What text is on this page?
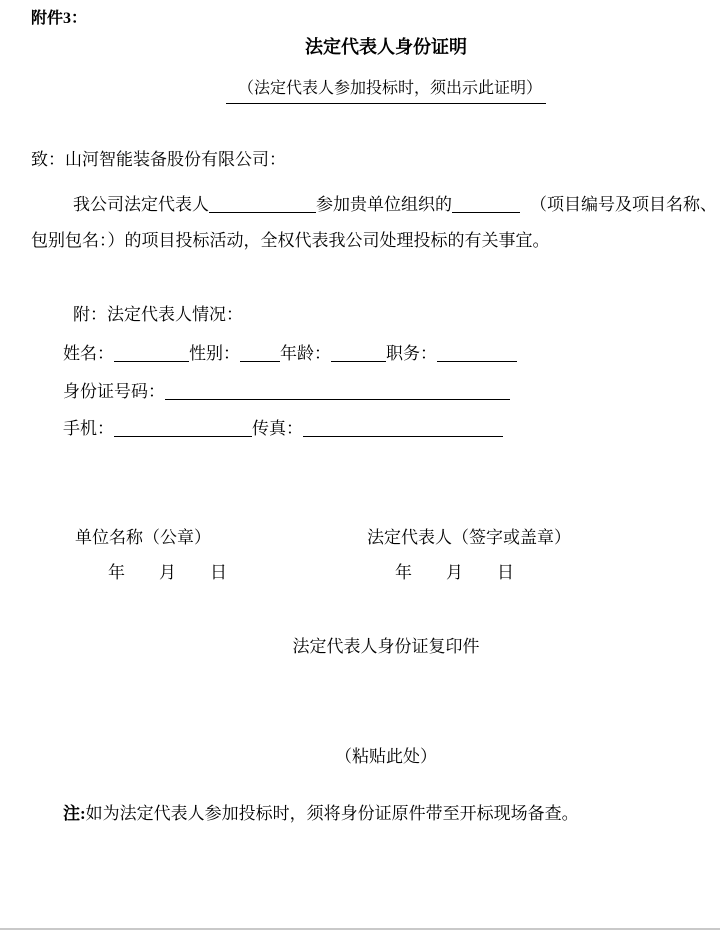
附件3：
法定代表人身份证明
（法定代表人参加投标时，须出示此证明）
致：山河智能装备股份有限公司：
我公司法定代表人	参加贵单位组织的	（项目编号及项目名称、
包别包名：）的项目投标活动，全权代表我公司处理投标的有关事宜。
附：法定代表人情况：
姓名：	性别： 年龄：	职务：
身份证号码：
手机：	传真：
单位名称（公章）	法定代表人（签字或盖章）
年　　月　　日	年　　月　　日
法定代表人身份证复印件
（粘贴此处）
注:如为法定代表人参加投标时，须将身份证原件带至开标现场备查。
